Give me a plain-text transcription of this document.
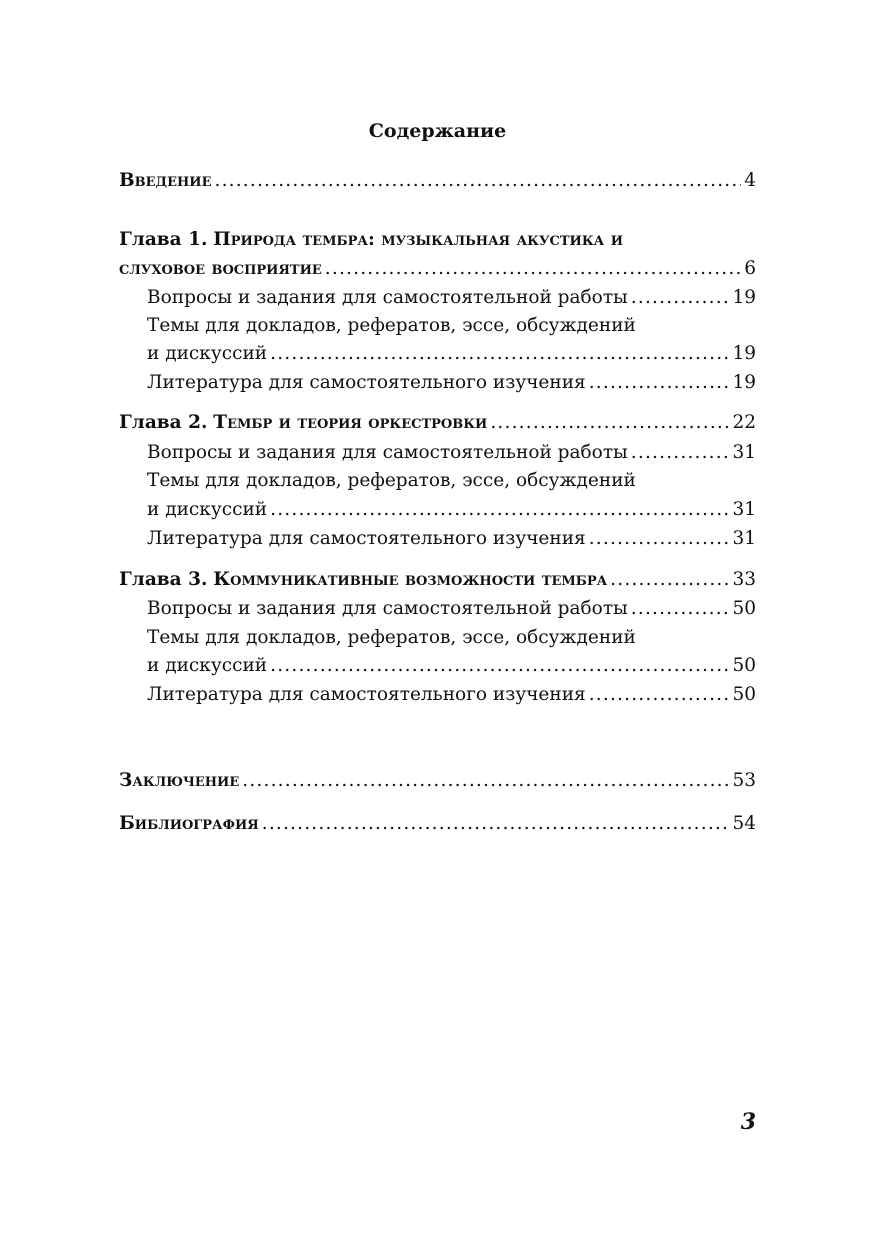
Содержание
Введение .....	4
Глава 1. Природа тембра: музыкальная акустика и
слуховое восприятие .....	6
Вопросы и задания для самостоятельной работы .....	19
Темы для докладов, рефератов, эссе, обсуждений
и дискуссий .....	19
Литература для самостоятельного изучения .....	19
Глава 2. Тембр и теория оркестровки .....	22
Вопросы и задания для самостоятельной работы .....	31
Темы для докладов, рефератов, эссе, обсуждений
и дискуссий .....	31
Литература для самостоятельного изучения .....	31
Глава 3. Коммуникативные возможности тембра .....	33
Вопросы и задания для самостоятельной работы .....	50
Темы для докладов, рефератов, эссе, обсуждений
и дискуссий .....	50
Литература для самостоятельного изучения .....	50
Заключение .....	53
Библиография .....	54
3
